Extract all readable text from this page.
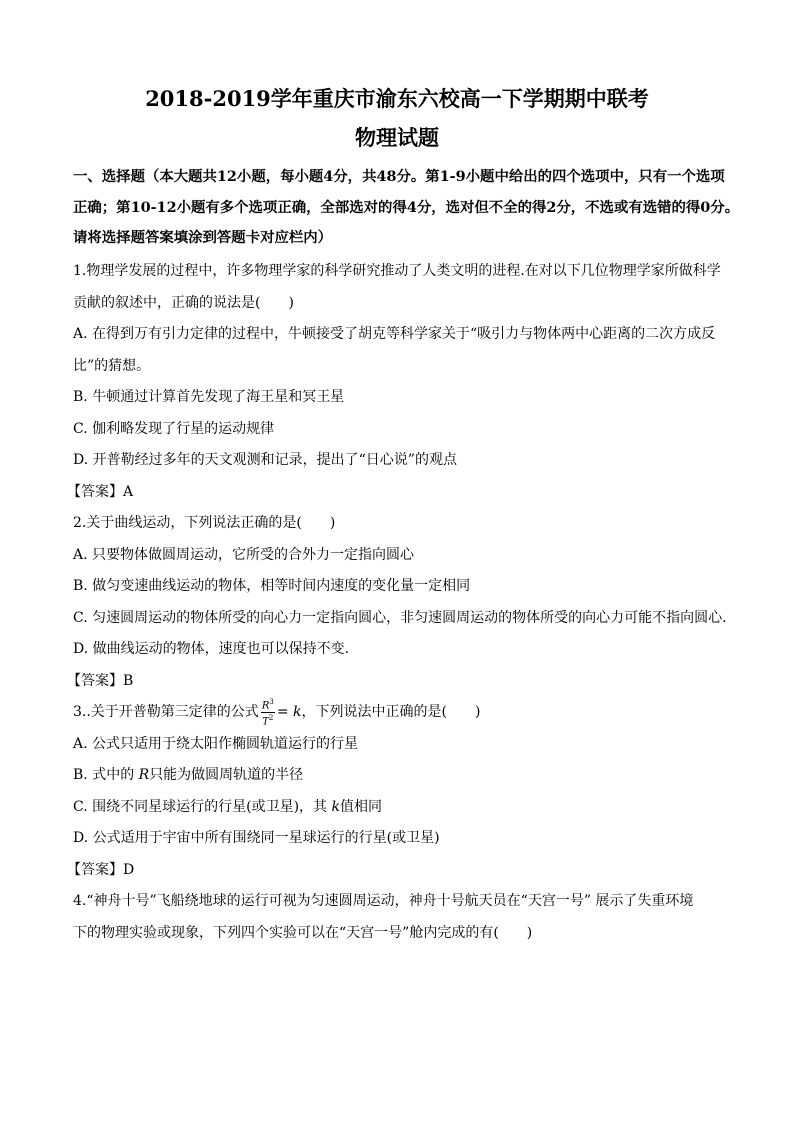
2018-2019学年重庆市渝东六校高一下学期期中联考
物理试题
一、选择题（本大题共12小题，每小题4分，共48分。第1-9小题中给出的四个选项中，只有一个选项
正确；第10-12小题有多个选项正确，全部选对的得4分，选对但不全的得2分，不选或有选错的得0分。
请将选择题答案填涂到答题卡对应栏内）
1.物理学发展的过程中，许多物理学家的科学研究推动了人类文明的进程.在对以下几位物理学家所做科学
贡献的叙述中，正确的说法是(　　)
A. 在得到万有引力定律的过程中，牛顿接受了胡克等科学家关于“吸引力与物体两中心距离的二次方成反
比”的猜想。
B. 牛顿通过计算首先发现了海王星和冥王星
C. 伽利略发现了行星的运动规律
D. 开普勒经过多年的天文观测和记录，提出了“日心说”的观点
【答案】A
2.关于曲线运动，下列说法正确的是(　　)
A. 只要物体做圆周运动，它所受的合外力一定指向圆心
B. 做匀变速曲线运动的物体，相等时间内速度的变化量一定相同
C. 匀速圆周运动的物体所受的向心力一定指向圆心，非匀速圆周运动的物体所受的向心力可能不指向圆心.
D. 做曲线运动的物体，速度也可以保持不变.
【答案】B
3..关于开普勒第三定律的公式 $\frac{R^3}{T^2} = k$，下列说法中正确的是(　　)
A. 公式只适用于绕太阳作椭圆轨道运行的行星
B. 式中的 R只能为做圆周轨道的半径
C. 围绕不同星球运行的行星(或卫星)，其 k值相同
D. 公式适用于宇宙中所有围绕同一星球运行的行星(或卫星)
【答案】D
4.“神舟十号”飞船绕地球的运行可视为匀速圆周运动，神舟十号航天员在“天宫一号” 展示了失重环境
下的物理实验或现象，下列四个实验可以在“天宫一号”舱内完成的有(　　)
